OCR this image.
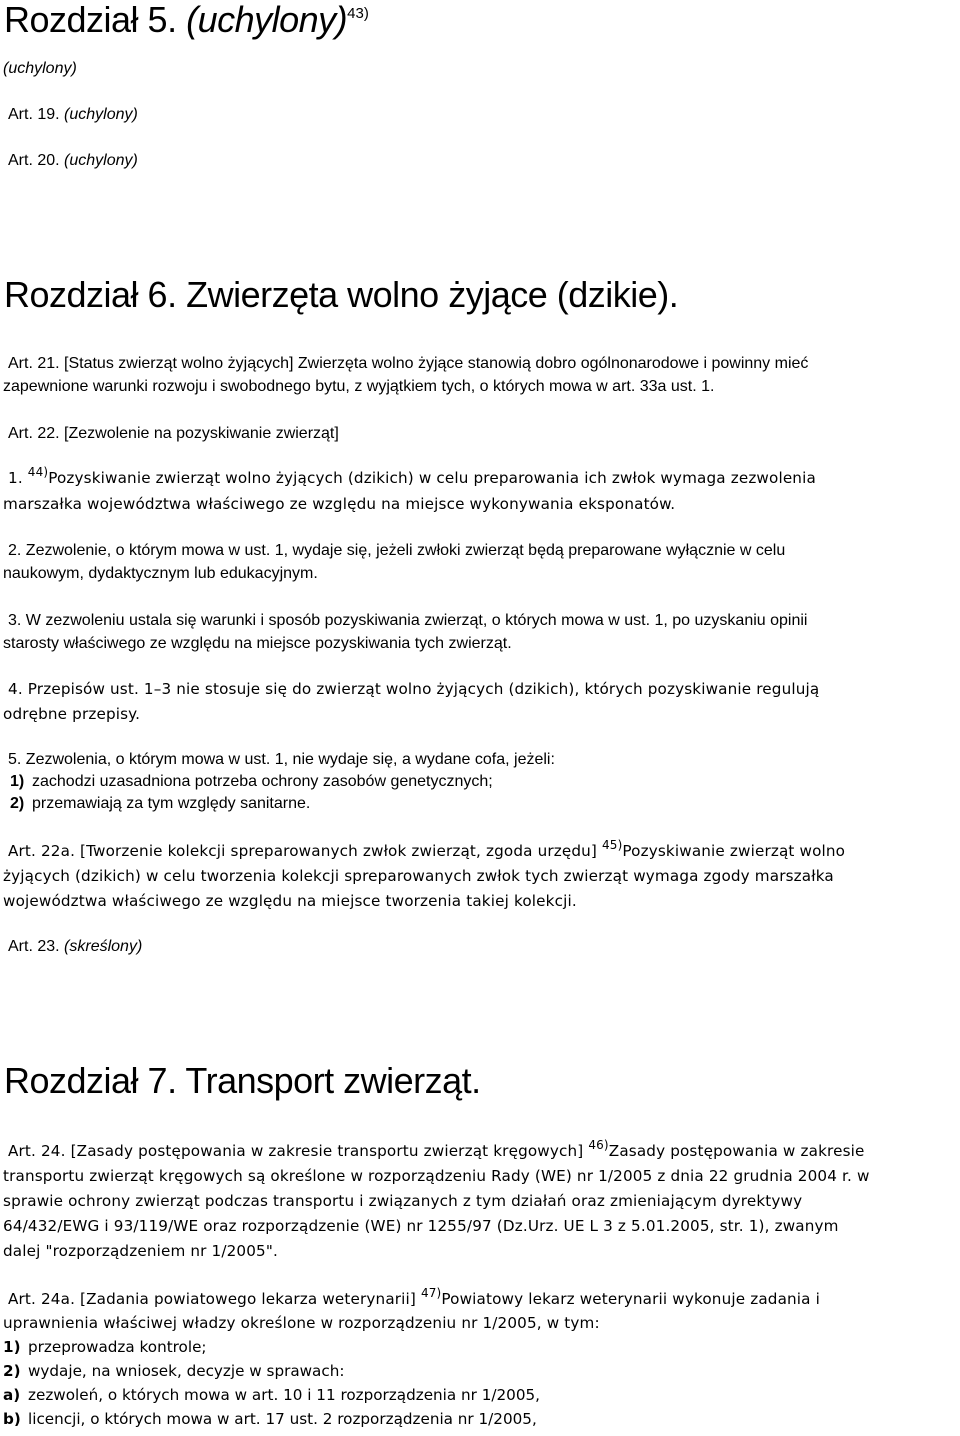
Rozdział 5. (uchylony)$^{43)}$
(uchylony)
Art. 19. (uchylony)
Art. 20. (uchylony)
Rozdział 6. Zwierzęta wolno żyjące (dzikie).
Art. 21. [Status zwierząt wolno żyjących] Zwierzęta wolno żyjące stanowią dobro ogólnonarodowe i powinny mieć
zapewnione warunki rozwoju i swobodnego bytu, z wyjątkiem tych, o których mowa w art. 33a ust. 1.
Art. 22. [Zezwolenie na pozyskiwanie zwierząt]
1. $^{44)}$Pozyskiwanie zwierząt wolno żyjących (dzikich) w celu preparowania ich zwłok wymaga zezwolenia
marszałka województwa właściwego ze względu na miejsce wykonywania eksponatów.
2. Zezwolenie, o którym mowa w ust. 1, wydaje się, jeżeli zwłoki zwierząt będą preparowane wyłącznie w celu
naukowym, dydaktycznym lub edukacyjnym.
3. W zezwoleniu ustala się warunki i sposób pozyskiwania zwierząt, o których mowa w ust. 1, po uzyskaniu opinii
starosty właściwego ze względu na miejsce pozyskiwania tych zwierząt.
4. Przepisów ust. 1–3 nie stosuje się do zwierząt wolno żyjących (dzikich), których pozyskiwanie regulują
odrębne przepisy.
5. Zezwolenia, o którym mowa w ust. 1, nie wydaje się, a wydane cofa, jeżeli:
1) zachodzi uzasadniona potrzeba ochrony zasobów genetycznych;
2) przemawiają za tym względy sanitarne.
Art. 22a. [Tworzenie kolekcji spreparowanych zwłok zwierząt, zgoda urzędu] $^{45)}$Pozyskiwanie zwierząt wolno
żyjących (dzikich) w celu tworzenia kolekcji spreparowanych zwłok tych zwierząt wymaga zgody marszałka
województwa właściwego ze względu na miejsce tworzenia takiej kolekcji.
Art. 23. (skreślony)
Rozdział 7. Transport zwierząt.
Art. 24. [Zasady postępowania w zakresie transportu zwierząt kręgowych] $^{46)}$Zasady postępowania w zakresie
transportu zwierząt kręgowych są określone w rozporządzeniu Rady (WE) nr 1/2005 z dnia 22 grudnia 2004 r. w
sprawie ochrony zwierząt podczas transportu i związanych z tym działań oraz zmieniającym dyrektywy
64/432/EWG i 93/119/WE oraz rozporządzenie (WE) nr 1255/97 (Dz.Urz. UE L 3 z 5.01.2005, str. 1), zwanym
dalej "rozporządzeniem nr 1/2005".
Art. 24a. [Zadania powiatowego lekarza weterynarii] $^{47)}$Powiatowy lekarz weterynarii wykonuje zadania i
uprawnienia właściwej władzy określone w rozporządzeniu nr 1/2005, w tym:
1) przeprowadza kontrole;
2) wydaje, na wniosek, decyzje w sprawach:
a) zezwoleń, o których mowa w art. 10 i 11 rozporządzenia nr 1/2005,
b) licencji, o których mowa w art. 17 ust. 2 rozporządzenia nr 1/2005,
